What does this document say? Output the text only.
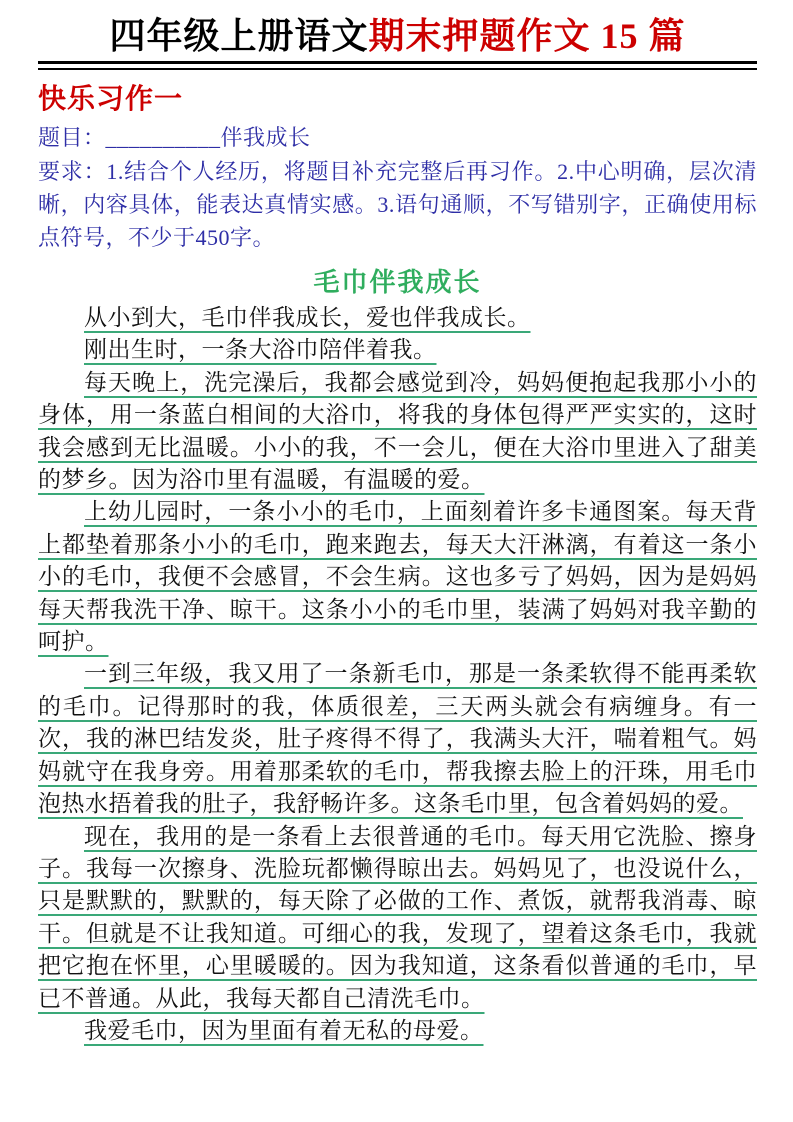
四年级上册语文期末押题作文 15 篇
快乐习作一

题目：__________伴我成长

要求：1.结合个人经历，将题目补充完整后再习作。2.中心明确，层次清晰，内容具体，能表达真情实感。3.语句通顺，不写错别字，正确使用标点符号，不少于450字。

毛巾伴我成长

从小到大，毛巾伴我成长，爱也伴我成长。

刚出生时，一条大浴巾陪伴着我。

每天晚上，洗完澡后，我都会感觉到冷，妈妈便抱起我那小小的身体，用一条蓝白相间的大浴巾，将我的身体包得严严实实的，这时我会感到无比温暖。小小的我，不一会儿，便在大浴巾里进入了甜美的梦乡。因为浴巾里有温暖，有温暖的爱。

上幼儿园时，一条小小的毛巾，上面刻着许多卡通图案。每天背上都垫着那条小小的毛巾，跑来跑去，每天大汗淋漓，有着这一条小小的毛巾，我便不会感冒，不会生病。这也多亏了妈妈，因为是妈妈每天帮我洗干净、晾干。这条小小的毛巾里，装满了妈妈对我辛勤的呵护。

一到三年级，我又用了一条新毛巾，那是一条柔软得不能再柔软的毛巾。记得那时的我，体质很差，三天两头就会有病缠身。有一次，我的淋巴结发炎，肚子疼得不得了，我满头大汗，喘着粗气。妈妈就守在我身旁。用着那柔软的毛巾，帮我擦去脸上的汗珠，用毛巾泡热水捂着我的肚子，我舒畅许多。这条毛巾里，包含着妈妈的爱。

现在，我用的是一条看上去很普通的毛巾。每天用它洗脸、擦身子。我每一次擦身、洗脸玩都懒得晾出去。妈妈见了，也没说什么，只是默默的，默默的，每天除了必做的工作、煮饭，就帮我消毒、晾干。但就是不让我知道。可细心的我，发现了，望着这条毛巾，我就把它抱在怀里，心里暖暖的。因为我知道，这条看似普通的毛巾，早已不普通。从此，我每天都自己清洗毛巾。

我爱毛巾，因为里面有着无私的母爱。
